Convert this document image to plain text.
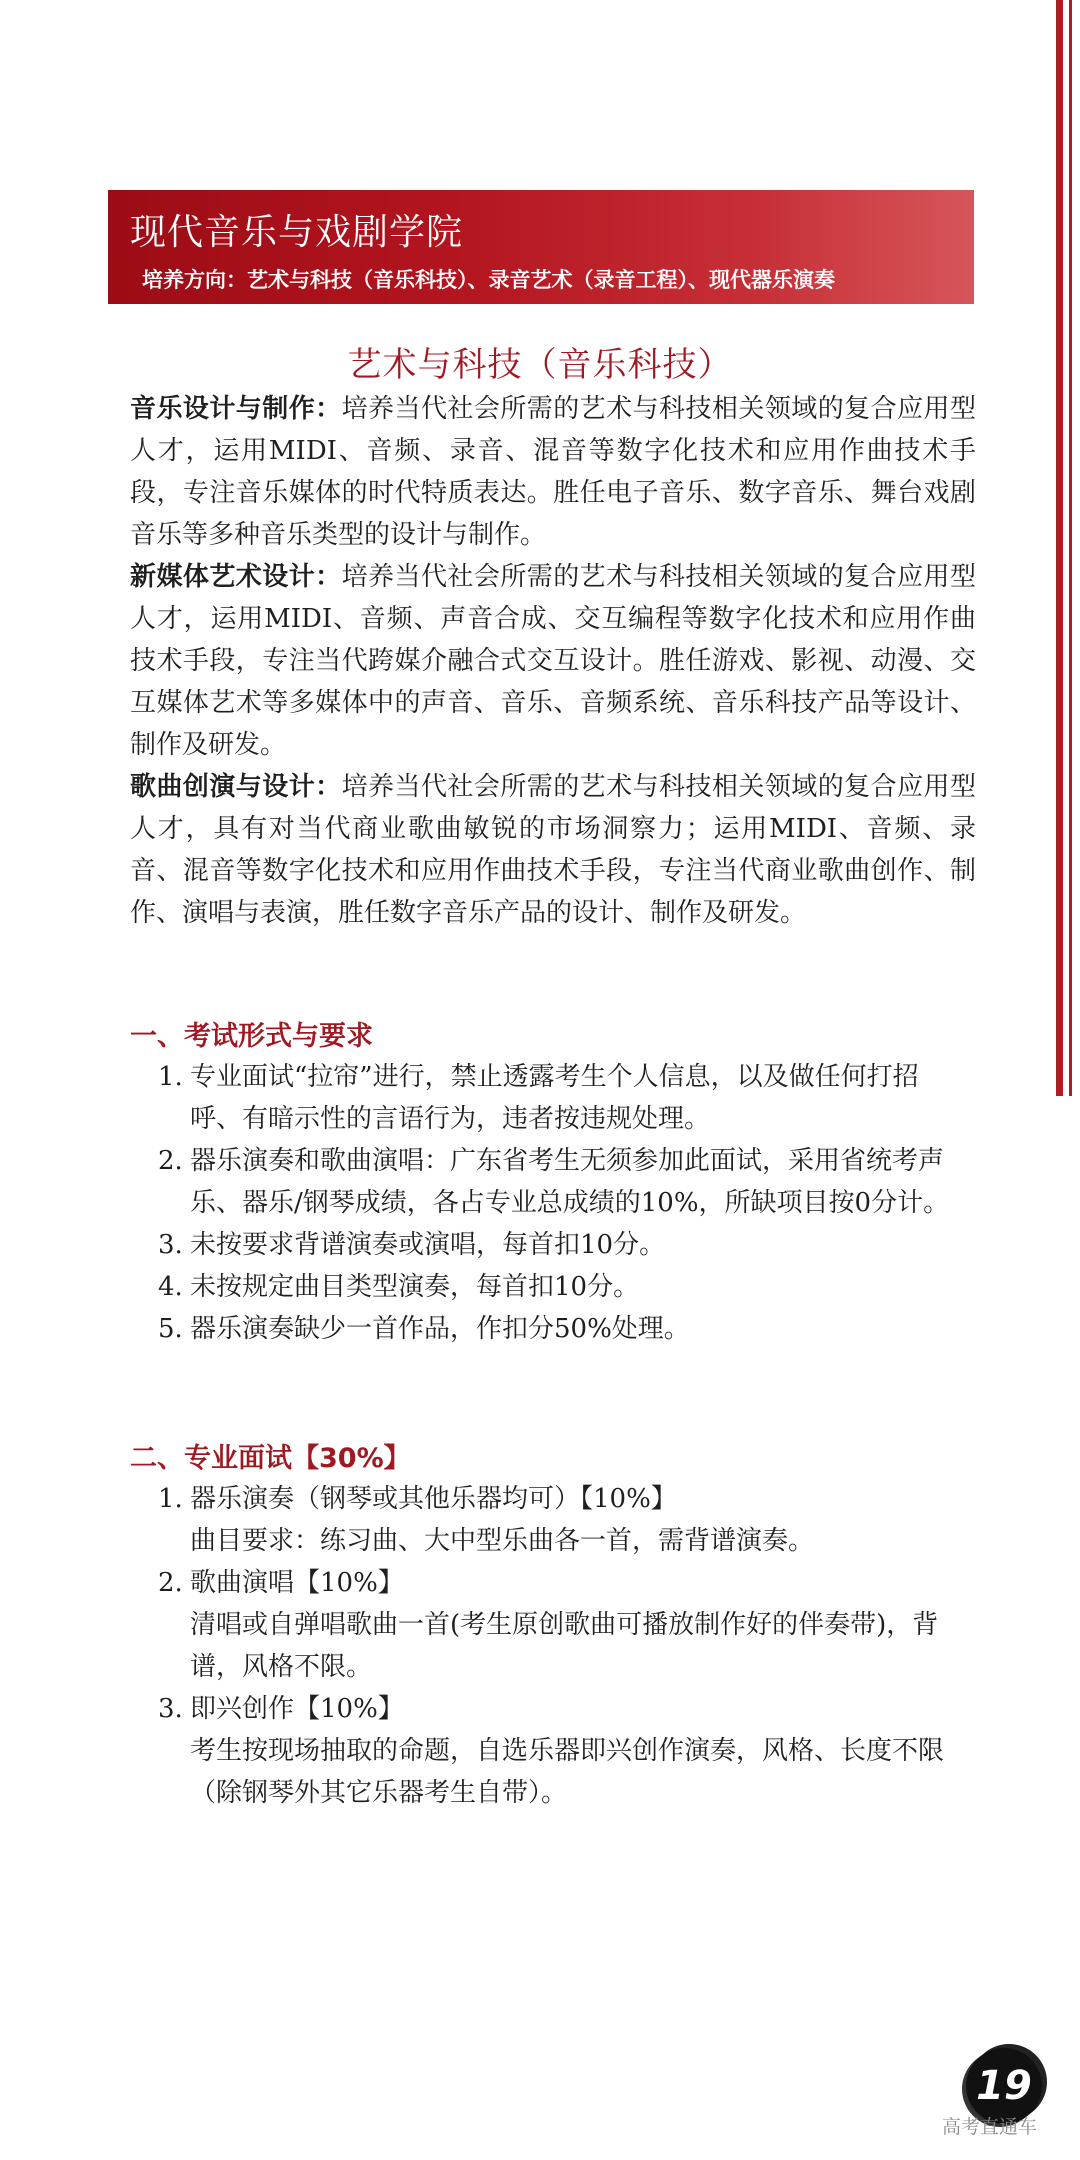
现代音乐与戏剧学院
培养方向：艺术与科技（音乐科技）、录音艺术（录音工程）、现代器乐演奏
艺术与科技（音乐科技）

音乐设计与制作：培养当代社会所需的艺术与科技相关领域的复合应用型人才，运用MIDI、音频、录音、混音等数字化技术和应用作曲技术手段，专注音乐媒体的时代特质表达。胜任电子音乐、数字音乐、舞台戏剧音乐等多种音乐类型的设计与制作。

新媒体艺术设计：培养当代社会所需的艺术与科技相关领域的复合应用型人才，运用MIDI、音频、声音合成、交互编程等数字化技术和应用作曲技术手段，专注当代跨媒介融合式交互设计。胜任游戏、影视、动漫、交互媒体艺术等多媒体中的声音、音乐、音频系统、音乐科技产品等设计、制作及研发。

歌曲创演与设计：培养当代社会所需的艺术与科技相关领域的复合应用型人才，具有对当代商业歌曲敏锐的市场洞察力；运用MIDI、音频、录音、混音等数字化技术和应用作曲技术手段，专注当代商业歌曲创作、制作、演唱与表演，胜任数字音乐产品的设计、制作及研发。

一、考试形式与要求
1. 专业面试“拉帘”进行，禁止透露考生个人信息，以及做任何打招呼、有暗示性的言语行为，违者按违规处理。
2. 器乐演奏和歌曲演唱：广东省考生无须参加此面试，采用省统考声乐、器乐/钢琴成绩，各占专业总成绩的10%，所缺项目按0分计。
3. 未按要求背谱演奏或演唱，每首扣10分。
4. 未按规定曲目类型演奏，每首扣10分。
5. 器乐演奏缺少一首作品，作扣分50%处理。
二、专业面试【30%】
1. 器乐演奏（钢琴或其他乐器均可）【10%】
曲目要求：练习曲、大中型乐曲各一首，需背谱演奏。
2. 歌曲演唱【10%】
清唱或自弹唱歌曲一首(考生原创歌曲可播放制作好的伴奏带)，背谱，风格不限。
3. 即兴创作【10%】
考生按现场抽取的命题，自选乐器即兴创作演奏，风格、长度不限（除钢琴外其它乐器考生自带）。
19
高考直通车
